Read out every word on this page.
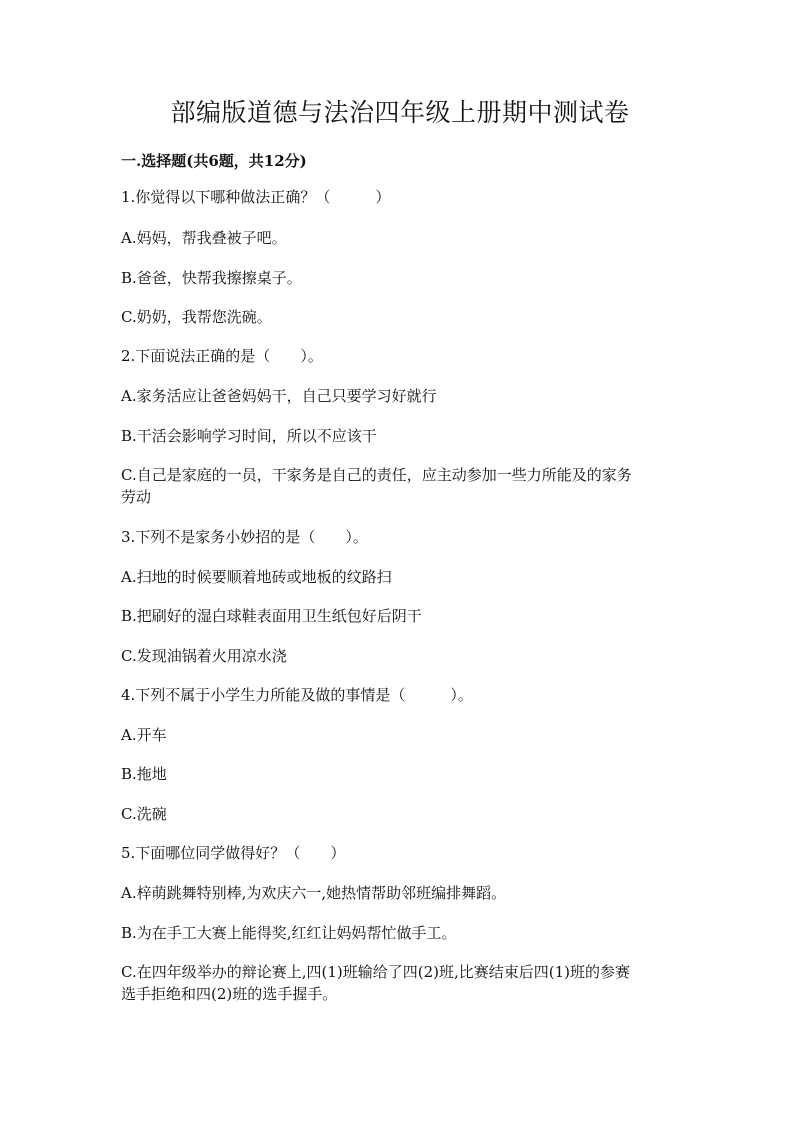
部编版道德与法治四年级上册期中测试卷
一.选择题(共6题，共12分)
1.你觉得以下哪种做法正确？（　　　）
A.妈妈，帮我叠被子吧。
B.爸爸，快帮我擦擦桌子。
C.奶奶，我帮您洗碗。
2.下面说法正确的是（　　）。
A.家务活应让爸爸妈妈干，自己只要学习好就行
B.干活会影响学习时间，所以不应该干
C.自己是家庭的一员，干家务是自己的责任，应主动参加一些力所能及的家务
劳动
3.下列不是家务小妙招的是（　　）。
A.扫地的时候要顺着地砖或地板的纹路扫
B.把刷好的湿白球鞋表面用卫生纸包好后阴干
C.发现油锅着火用凉水浇
4.下列不属于小学生力所能及做的事情是（　　　）。
A.开车
B.拖地
C.洗碗
5.下面哪位同学做得好？（　　）
A.梓萌跳舞特别棒,为欢庆六一,她热情帮助邻班编排舞蹈。
B.为在手工大赛上能得奖,红红让妈妈帮忙做手工。
C.在四年级举办的辩论赛上,四(1)班输给了四(2)班,比赛结束后四(1)班的参赛
选手拒绝和四(2)班的选手握手。
